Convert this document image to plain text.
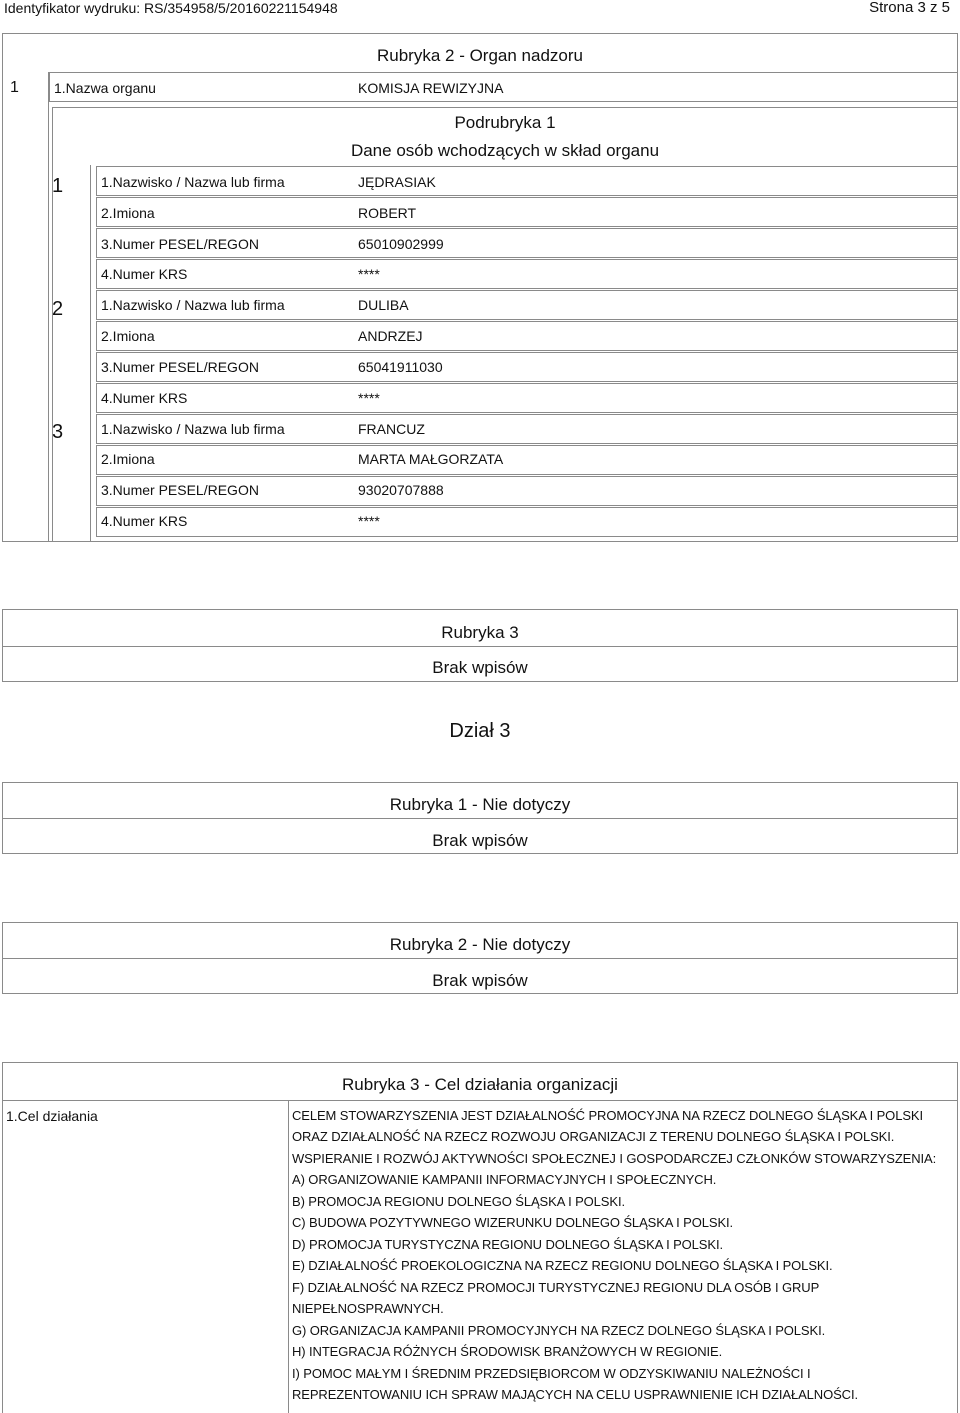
Identyfikator wydruku: RS/354958/5/20160221154948	Strona 3 z 5
Rubryka 2 - Organ nadzoru
1	1.Nazwa organu	KOMISJA REWIZYJNA
Podrubryka 1
Dane osób wchodzących w skład organu
1	1.Nazwisko / Nazwa lub firma	JĘDRASIAK
2.Imiona	ROBERT
3.Numer PESEL/REGON	65010902999
4.Numer KRS	****
2	1.Nazwisko / Nazwa lub firma	DULIBA
2.Imiona	ANDRZEJ
3.Numer PESEL/REGON	65041911030
4.Numer KRS	****
3	1.Nazwisko / Nazwa lub firma	FRANCUZ
2.Imiona	MARTA MAŁGORZATA
3.Numer PESEL/REGON	93020707888
4.Numer KRS	****
Rubryka 3
Brak wpisów
Dział 3
Rubryka 1 - Nie dotyczy
Brak wpisów
Rubryka 2 - Nie dotyczy
Brak wpisów
Rubryka 3 - Cel działania organizacji
1.Cel działania	CELEM STOWARZYSZENIA JEST DZIAŁALNOŚĆ PROMOCYJNA NA RZECZ DOLNEGO ŚLĄSKA I POLSKI
ORAZ DZIAŁALNOŚĆ NA RZECZ ROZWOJU ORGANIZACJI Z TERENU DOLNEGO ŚLĄSKA I POLSKI.
WSPIERANIE I ROZWÓJ AKTYWNOŚCI SPOŁECZNEJ I GOSPODARCZEJ CZŁONKÓW STOWARZYSZENIA:
A) ORGANIZOWANIE KAMPANII INFORMACYJNYCH I SPOŁECZNYCH.
B) PROMOCJA REGIONU DOLNEGO ŚLĄSKA I POLSKI.
C) BUDOWA POZYTYWNEGO WIZERUNKU DOLNEGO ŚLĄSKA I POLSKI.
D) PROMOCJA TURYSTYCZNA REGIONU DOLNEGO ŚLĄSKA I POLSKI.
E) DZIAŁALNOŚĆ PROEKOLOGICZNA NA RZECZ REGIONU DOLNEGO ŚLĄSKA I POLSKI.
F) DZIAŁALNOŚĆ NA RZECZ PROMOCJI TURYSTYCZNEJ REGIONU DLA OSÓB I GRUP
NIEPEŁNOSPRAWNYCH.
G) ORGANIZACJA KAMPANII PROMOCYJNYCH NA RZECZ DOLNEGO ŚLĄSKA I POLSKI.
H) INTEGRACJA RÓŻNYCH ŚRODOWISK BRANŻOWYCH W REGIONIE.
I) POMOC MAŁYM I ŚREDNIM PRZEDSIĘBIORCOM W ODZYSKIWANIU NALEŻNOŚCI I
REPREZENTOWANIU ICH SPRAW MAJĄCYCH NA CELU USPRAWNIENIE ICH DZIAŁALNOŚCI.
